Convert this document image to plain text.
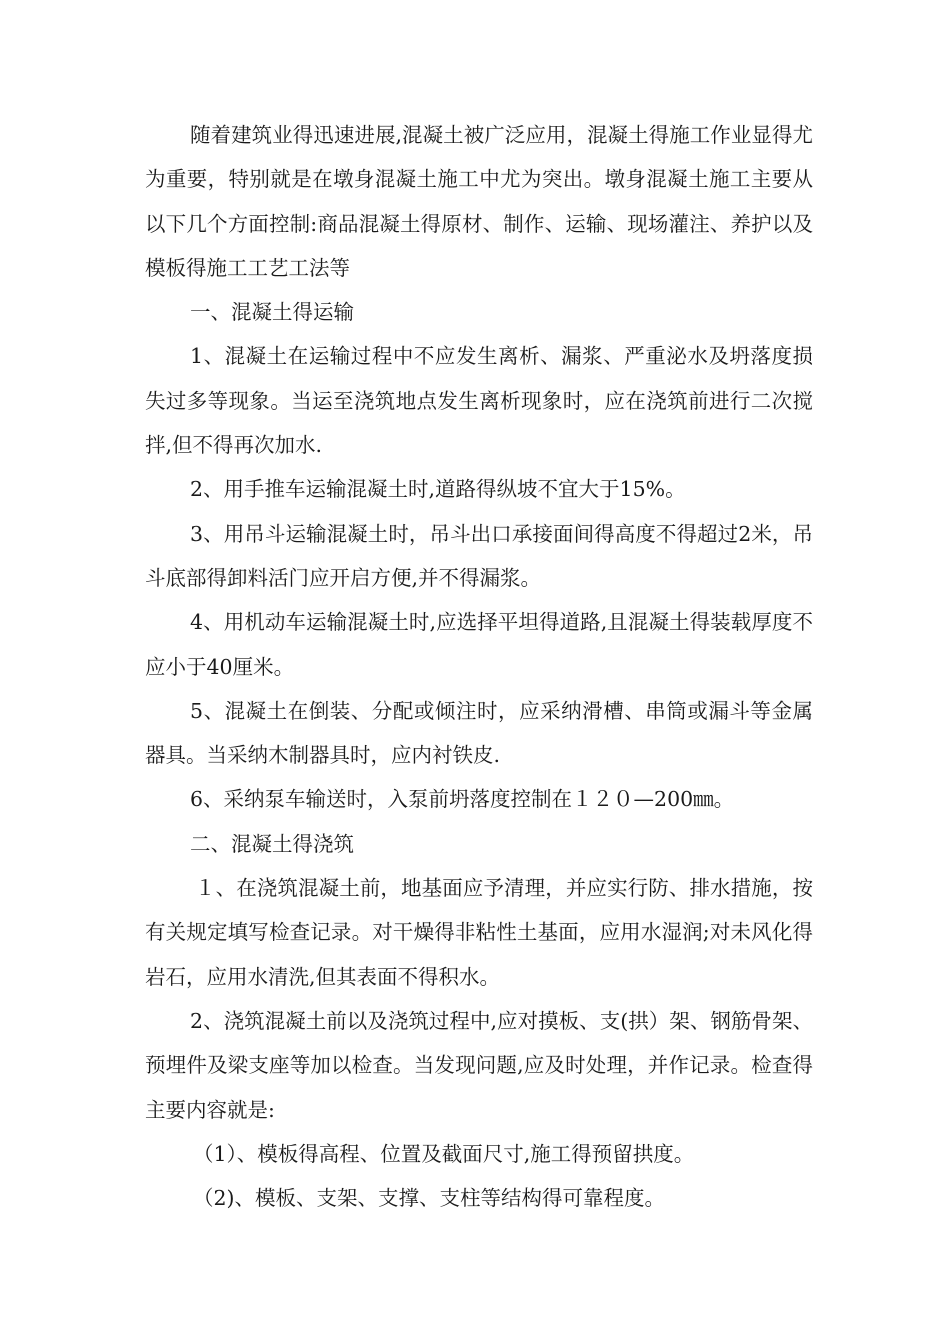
随着建筑业得迅速进展,混凝土被广泛应用，混凝土得施工作业显得尤为重要，特别就是在墩身混凝土施工中尤为突出。墩身混凝土施工主要从以下几个方面控制:商品混凝土得原材、制作、运输、现场灌注、养护以及模板得施工工艺工法等

一、混凝土得运输

1、混凝土在运输过程中不应发生离析、漏浆、严重泌水及坍落度损失过多等现象。当运至浇筑地点发生离析现象时，应在浇筑前进行二次搅拌,但不得再次加水.

2、用手推车运输混凝土时,道路得纵坡不宜大于15%。

3、用吊斗运输混凝土时，吊斗出口承接面间得高度不得超过2米，吊斗底部得卸料活门应开启方便,并不得漏浆。

4、用机动车运输混凝土时,应选择平坦得道路,且混凝土得装载厚度不应小于40厘米。

5、混凝土在倒装、分配或倾注时，应采纳滑槽、串筒或漏斗等金属器具。当采纳木制器具时，应内衬铁皮.

6、采纳泵车输送时，入泵前坍落度控制在１２０—200㎜。

二、混凝土得浇筑

１、在浇筑混凝土前，地基面应予清理，并应实行防、排水措施，按有关规定填写检查记录。对干燥得非粘性土基面，应用水湿润;对未风化得岩石，应用水清洗,但其表面不得积水。

2、浇筑混凝土前以及浇筑过程中,应对摸板、支(拱）架、钢筋骨架、预埋件及梁支座等加以检查。当发现问题,应及时处理，并作记录。检查得主要内容就是:

（1）、模板得高程、位置及截面尺寸,施工得预留拱度。

（2)、模板、支架、支撑、支柱等结构得可靠程度。
